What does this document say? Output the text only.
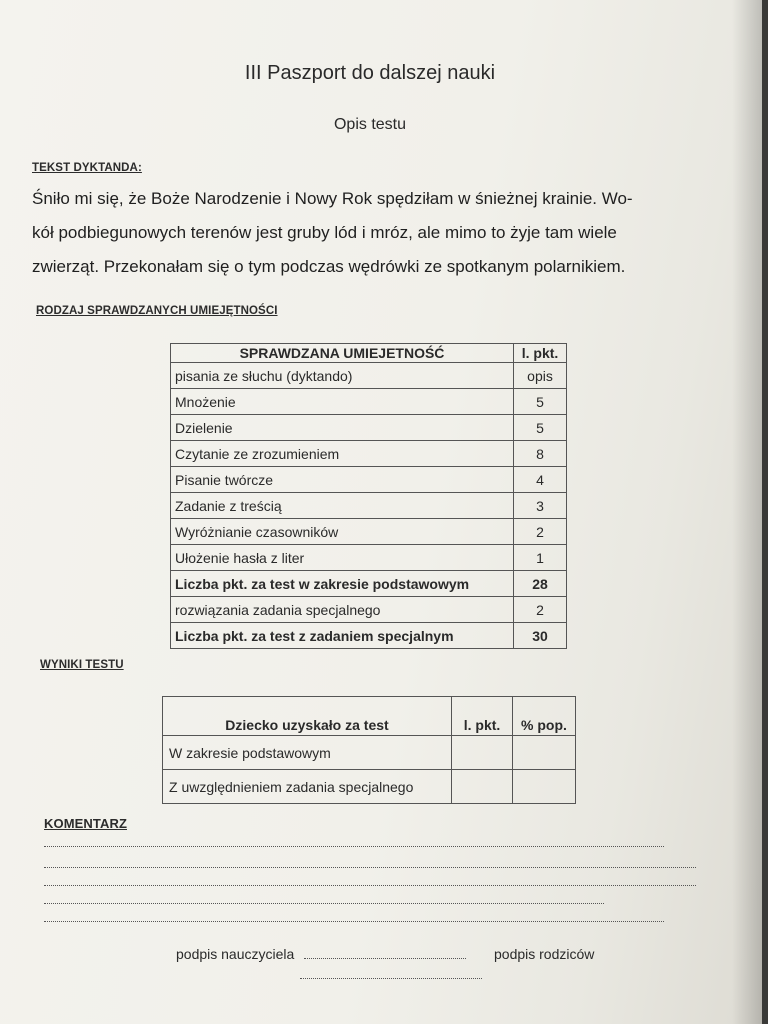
III Paszport do dalszej nauki
Opis testu
TEKST DYKTANDA:
Śniło mi się, że Boże Narodzenie i Nowy Rok spędziłam w śnieżnej krainie. Wo-
kół podbiegunowych terenów jest gruby lód i mróz, ale mimo to żyje tam wiele
zwierząt. Przekonałam się o tym podczas wędrówki ze spotkanym polarnikiem.
RODZAJ SPRAWDZANYCH UMIEJĘTNOŚCI
SPRAWDZANA UMIEJETNOŚĆ	l. pkt.
pisania ze słuchu (dyktando)	opis
Mnożenie	5
Dzielenie	5
Czytanie ze zrozumieniem	8
Pisanie twórcze	4
Zadanie z treścią	3
Wyróżnianie czasowników	2
Ułożenie hasła z liter	1
Liczba pkt. za test w zakresie podstawowym	28
rozwiązania zadania specjalnego	2
Liczba pkt. za test z zadaniem specjalnym	30
WYNIKI TESTU
Dziecko uzyskało za test	l. pkt.	% pop.
W zakresie podstawowym		
Z uwzględnieniem zadania specjalnego		
KOMENTARZ
podpis nauczyciela	podpis rodziców
